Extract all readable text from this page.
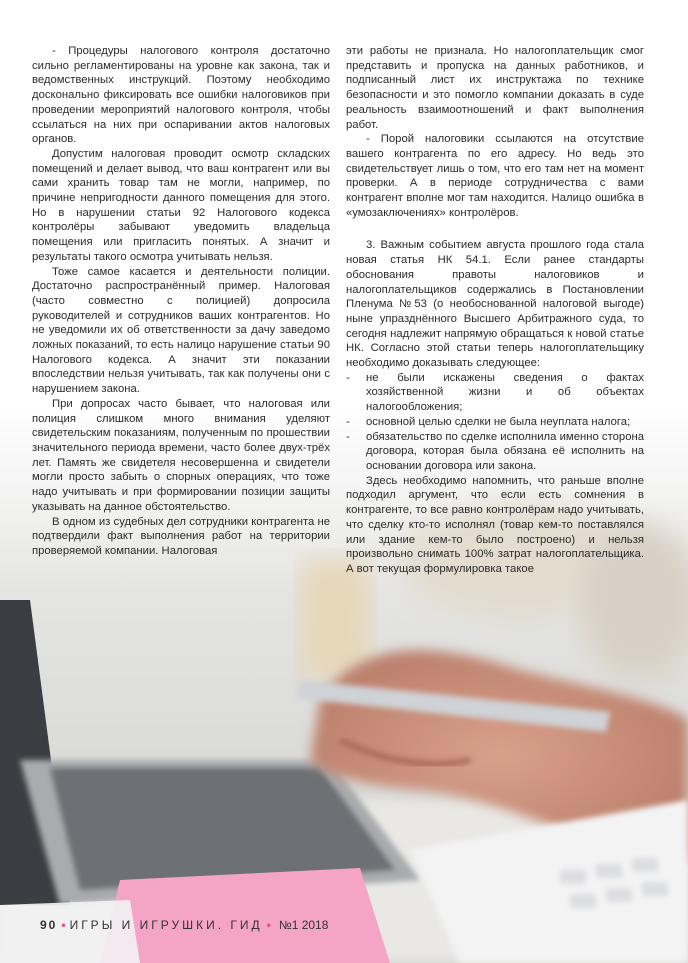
- Процедуры налогового контроля достаточно сильно регламентированы на уровне как закона, так и ведомственных инструкций. Поэтому необходимо досконально фиксировать все ошибки налоговиков при проведении мероприятий налогового контроля, чтобы ссылаться на них при оспаривании актов налоговых органов.

Допустим налоговая проводит осмотр складских помещений и делает вывод, что ваш контрагент или вы сами хранить товар там не могли, например, по причине непригодности данного помещения для этого. Но в нарушении статьи 92 Налогового кодекса контролёры забывают уведомить владельца помещения или пригласить понятых. А значит и результаты такого осмотра учитывать нельзя.

Тоже самое касается и деятельности полиции. Достаточно распространённый пример. Налоговая (часто совместно с полицией) допросила руководителей и сотрудников ваших контрагентов. Но не уведомили их об ответственности за дачу заведомо ложных показаний, то есть налицо нарушение статьи 90 Налогового кодекса. А значит эти показании впоследствии нельзя учитывать, так как получены они с нарушением закона.

При допросах часто бывает, что налоговая или полиция слишком много внимания уделяют свидетельским показаниям, полученным по прошествии значительного периода времени, часто более двух-трёх лет. Память же свидетеля несовершенна и свидетели могли просто забыть о спорных операциях, что тоже надо учитывать и при формировании позиции защиты указывать на данное обстоятельство.

В одном из судебных дел сотрудники контрагента не подтвердили факт выполнения работ на территории проверяемой компании. Налоговая

эти работы не признала. Но налогоплательщик смог представить и пропуска на данных работников, и подписанный лист их инструктажа по технике безопасности и это помогло компании доказать в суде реальность взаимоотношений и факт выполнения работ.

- Порой налоговики ссылаются на отсутствие вашего контрагента по его адресу. Но ведь это свидетельствует лишь о том, что его там нет на момент проверки. А в периоде сотрудничества с вами контрагент вполне мог там находится. Налицо ошибка в «умозаключениях» контролёров.

3. Важным событием августа прошлого года стала новая статья НК 54.1. Если ранее стандарты обоснования правоты налоговиков и налогоплательщиков содержались в Постановлении Пленума №53 (о необоснованной налоговой выгоде) ныне упразднённого Высшего Арбитражного суда, то сегодня надлежит напрямую обращаться к новой статье НК. Согласно этой статьи теперь налогоплательщику необходимо доказывать следующее:

- не были искажены сведения о фактах хозяйственной жизни и об объектах налогообложения;
- основной целью сделки не была неуплата налога;
- обязательство по сделке исполнила именно сторона договора, которая была обязана её исполнить на основании договора или закона.

Здесь необходимо напомнить, что раньше вполне подходил аргумент, что если есть сомнения в контрагенте, то все равно контролёрам надо учитывать, что сделку кто-то исполнял (товар кем-то поставлялся или здание кем-то было построено) и нельзя произвольно снимать 100% затрат налогоплательщика. А вот текущая формулировка такое

90 • ИГРЫ И ИГРУШКИ. ГИД • №1 2018
